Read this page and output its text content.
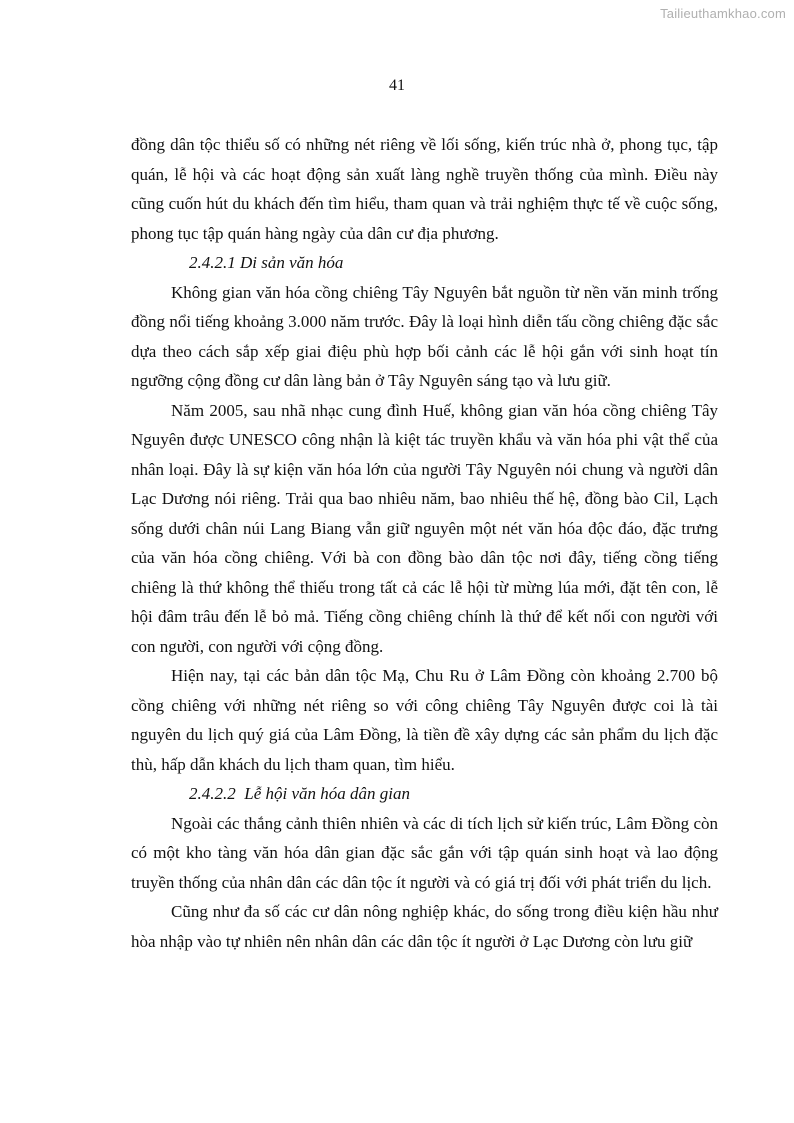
Tailieuthamkhao.com
41

đồng dân tộc thiểu số có những nét riêng về lối sống, kiến trúc nhà ở, phong tục, tập quán, lễ hội và các hoạt động sản xuất làng nghề truyền thống của mình. Điều này cũng cuốn hút du khách đến tìm hiểu, tham quan và trải nghiệm thực tế về cuộc sống, phong tục tập quán hàng ngày của dân cư địa phương.

2.4.2.1 Di sản văn hóa

Không gian văn hóa cồng chiêng Tây Nguyên bắt nguồn từ nền văn minh trống đồng nổi tiếng khoảng 3.000 năm trước. Đây là loại hình diễn tấu cồng chiêng đặc sắc dựa theo cách sắp xếp giai điệu phù hợp bối cảnh các lễ hội gắn với sinh hoạt tín ngưỡng cộng đồng cư dân làng bản ở Tây Nguyên sáng tạo và lưu giữ.

Năm 2005, sau nhã nhạc cung đình Huế, không gian văn hóa cồng chiêng Tây Nguyên được UNESCO công nhận là kiệt tác truyền khẩu và văn hóa phi vật thể của nhân loại. Đây là sự kiện văn hóa lớn của người Tây Nguyên nói chung và người dân Lạc Dương nói riêng. Trải qua bao nhiêu năm, bao nhiêu thế hệ, đồng bào Cil, Lạch sống dưới chân núi Lang Biang vẫn giữ nguyên một nét văn hóa độc đáo, đặc trưng của văn hóa cồng chiêng. Với bà con đồng bào dân tộc nơi đây, tiếng cồng tiếng chiêng là thứ không thể thiếu trong tất cả các lễ hội từ mừng lúa mới, đặt tên con, lễ hội đâm trâu đến lễ bỏ mả. Tiếng cồng chiêng chính là thứ để kết nối con người với con người, con người với cộng đồng.

Hiện nay, tại các bản dân tộc Mạ, Chu Ru ở Lâm Đồng còn khoảng 2.700 bộ cồng chiêng với những nét riêng so với công chiêng Tây Nguyên được coi là tài nguyên du lịch quý giá của Lâm Đồng, là tiền đề xây dựng các sản phẩm du lịch đặc thù, hấp dẫn khách du lịch tham quan, tìm hiểu.

2.4.2.2  Lễ hội văn hóa dân gian

Ngoài các thắng cảnh thiên nhiên và các di tích lịch sử kiến trúc, Lâm Đồng còn có một kho tàng văn hóa dân gian đặc sắc gắn với tập quán sinh hoạt và lao động truyền thống của nhân dân các dân tộc ít người và có giá trị đối với phát triển du lịch.

Cũng như đa số các cư dân nông nghiệp khác, do sống trong điều kiện hầu như hòa nhập vào tự nhiên nên nhân dân các dân tộc ít người ở Lạc Dương còn lưu giữ
